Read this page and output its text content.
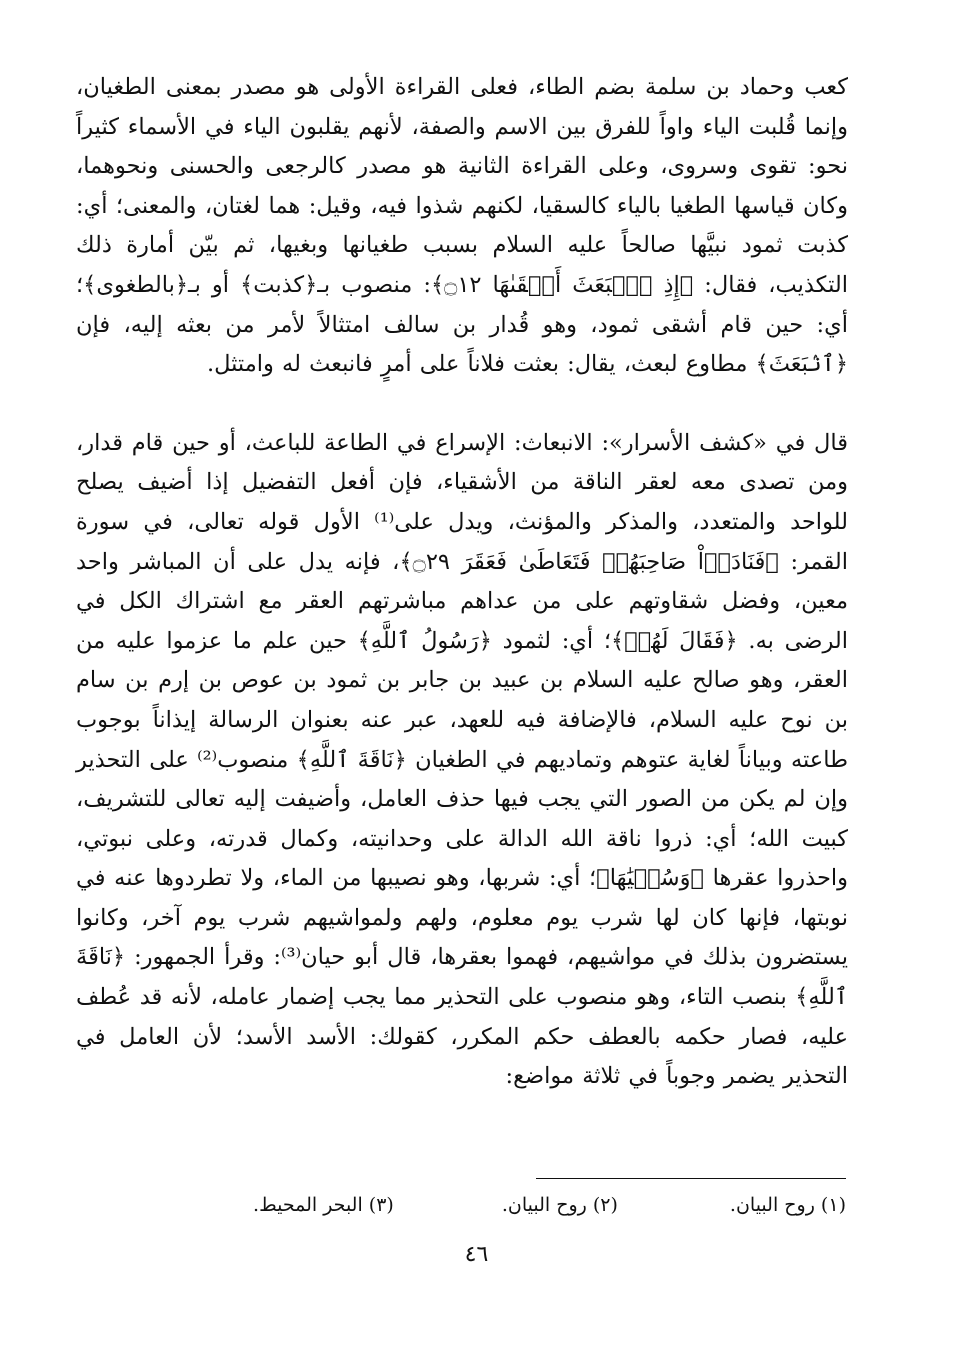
كعب وحماد بن سلمة بضم الطاء، فعلى القراءة الأولى هو مصدر بمعنى الطغيان، وإنما قُلبت الياء واواً للفرق بين الاسم والصفة، لأنهم يقلبون الياء في الأسماء كثيراً نحو: تقوى وسروى، وعلى القراءة الثانية هو مصدر كالرجعى والحسنى ونحوهما، وكان قياسها الطغيا بالياء كالسقيا، لكنهم شذوا فيه، وقيل: هما لغتان، والمعنى؛ أي: كذبت ثمود نبيَّها صالحاً عليه السلام بسبب طغيانها وبغيها، ثم بيّن أمارة ذلك التكذيب، فقال: ﴿إِذِ ٱنۢبَعَثَ أَشۡقَىٰهَا ۝١٢﴾: منصوب بـ﴿كذبت﴾ أو بـ﴿بالطغوى﴾؛ أي: حين قام أشقى ثمود، وهو قُدار بن سالف امتثالاً لأمر من بعثه إليه، فإن ﴿ٱنۢبَعَثَ﴾ مطاوع لبعث، يقال: بعثت فلاناً على أمرٍ فانبعث له وامتثل.

قال في «كشف الأسرار»: الانبعاث: الإسراع في الطاعة للباعث، أو حين قام قدار، ومن تصدى معه لعقر الناقة من الأشقياء، فإن أفعل التفضيل إذا أضيف يصلح للواحد والمتعدد، والمذكر والمؤنث، ويدل على⁽¹⁾ الأول قوله تعالى، في سورة القمر: ﴿فَنَادَوۡاْ صَاحِبَهُمۡ فَتَعَاطَىٰ فَعَقَرَ ۝٢٩﴾، فإنه يدل على أن المباشر واحد معين، وفضل شقاوتهم على من عداهم مباشرتهم العقر مع اشتراك الكل في الرضى به. ﴿فَقَالَ لَهُمۡ﴾؛ أي: لثمود ﴿رَسُولُ ٱللَّهِ﴾ حين علم ما عزموا عليه من العقر، وهو صالح عليه السلام بن عبيد بن جابر بن ثمود بن عوص بن إرم بن سام بن نوح عليه السلام، فالإضافة فيه للعهد، عبر عنه بعنوان الرسالة إيذاناً بوجوب طاعته وبياناً لغاية عتوهم وتماديهم في الطغيان ﴿نَاقَةَ ٱللَّهِ﴾ منصوب⁽²⁾ على التحذير وإن لم يكن من الصور التي يجب فيها حذف العامل، وأضيفت إليه تعالى للتشريف، كبيت الله؛ أي: ذروا ناقة الله الدالة على وحدانيته، وكمال قدرته، وعلى نبوتي، واحذروا عقرها ﴿وَسُقۡيَٰهَا﴾؛ أي: شربها، وهو نصيبها من الماء، ولا تطردوها عنه في نوبتها، فإنها كان لها شرب يوم معلوم، ولهم ولمواشيهم شرب يوم آخر، وكانوا يستضرون بذلك في مواشيهم، فهموا بعقرها، قال أبو حيان⁽³⁾: وقرأ الجمهور: ﴿نَاقَةَ ٱللَّهِ﴾ بنصب التاء، وهو منصوب على التحذير مما يجب إضمار عامله، لأنه قد عُطف عليه، فصار حكمه بالعطف حكم المكرر، كقولك: الأسد الأسد؛ لأن العامل في التحذير يضمر وجوباً في ثلاثة مواضع:

(١) روح البيان.
(٢) روح البيان.
(٣) البحر المحيط.
٤٦
